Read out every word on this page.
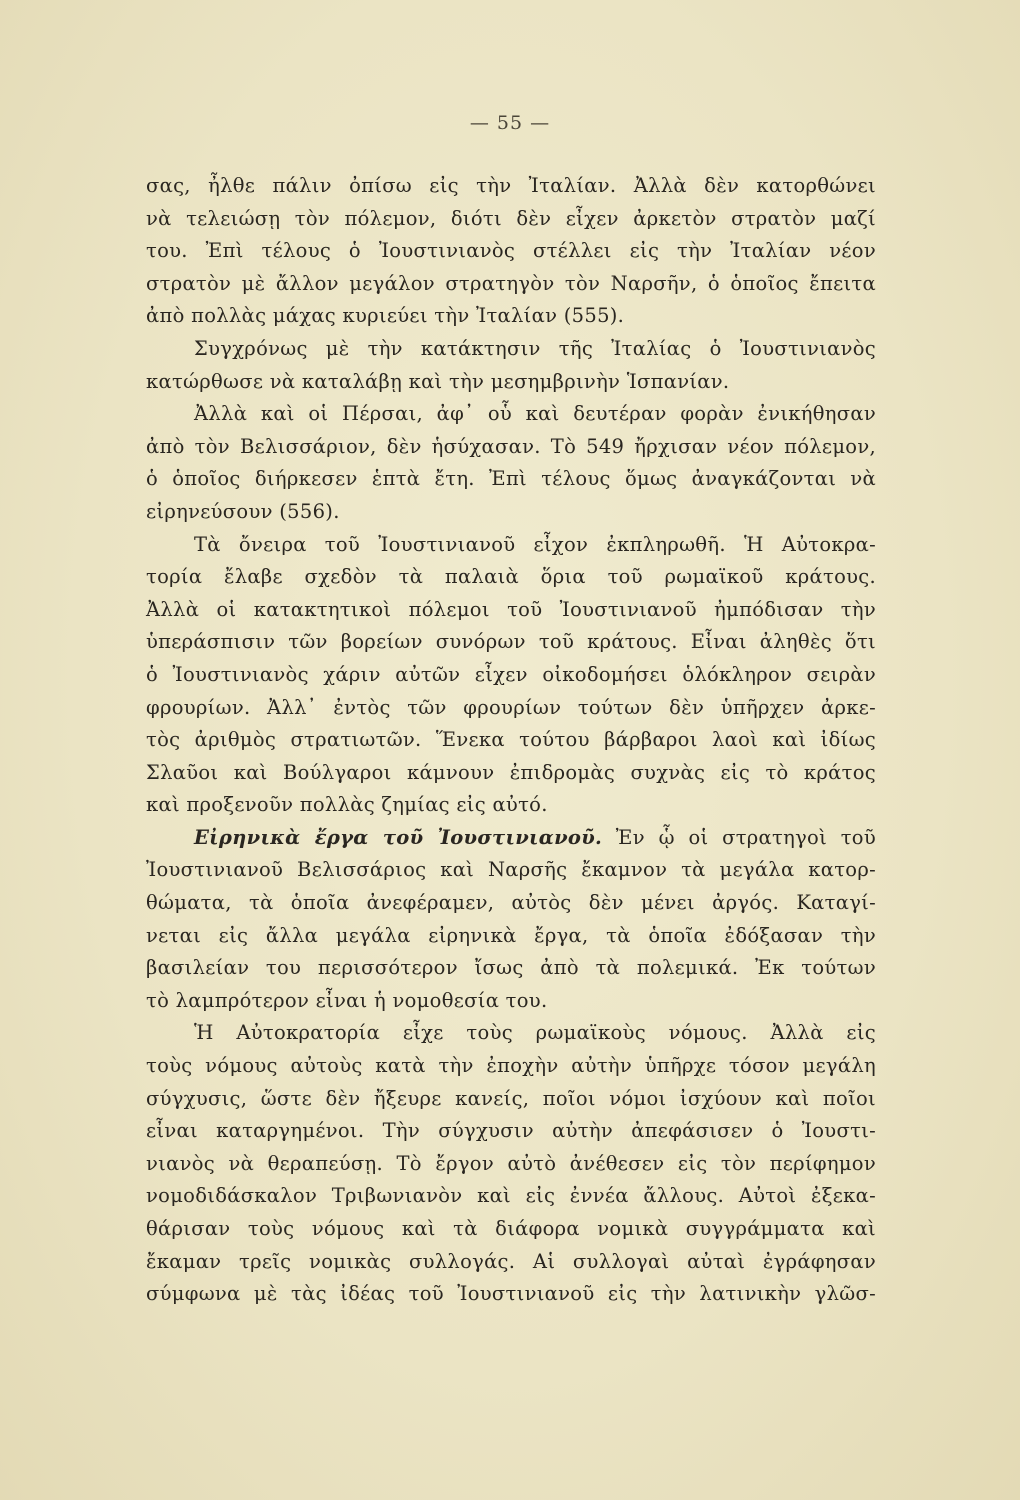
— 55 —
σας, ἦλθε πάλιν ὀπίσω εἰς τὴν Ἰταλίαν. Ἀλλὰ δὲν κατορθώνει
νὰ τελειώσῃ τὸν πόλεμον, διότι δὲν εἶχεν ἀρκετὸν στρατὸν μαζί
του. Ἐπὶ τέλους ὁ Ἰουστινιανὸς στέλλει εἰς τὴν Ἰταλίαν νέον
στρατὸν μὲ ἄλλον μεγάλον στρατηγὸν τὸν Ναρσῆν, ὁ ὁποῖος ἔπειτα
ἀπὸ πολλὰς μάχας κυριεύει τὴν Ἰταλίαν (555).
Συγχρόνως μὲ τὴν κατάκτησιν τῆς Ἰταλίας ὁ Ἰουστινιανὸς
κατώρθωσε νὰ καταλάβῃ καὶ τὴν μεσημβρινὴν Ἱσπανίαν.
Ἀλλὰ καὶ οἱ Πέρσαι, ἀφ᾽ οὗ καὶ δευτέραν φορὰν ἐνικήθησαν
ἀπὸ τὸν Βελισσάριον, δὲν ἡσύχασαν. Τὸ 549 ἤρχισαν νέον πόλεμον,
ὁ ὁποῖος διήρκεσεν ἑπτὰ ἔτη. Ἐπὶ τέλους ὅμως ἀναγκάζονται νὰ
εἰρηνεύσουν (556).
Τὰ ὄνειρα τοῦ Ἰουστινιανοῦ εἶχον ἐκπληρωθῆ. Ἡ Αὐτοκρα-
τορία ἔλαβε σχεδὸν τὰ παλαιὰ ὅρια τοῦ ρωμαϊκοῦ κράτους.
Ἀλλὰ οἱ κατακτητικοὶ πόλεμοι τοῦ Ἰουστινιανοῦ ἠμπόδισαν τὴν
ὑπεράσπισιν τῶν βορείων συνόρων τοῦ κράτους. Εἶναι ἀληθὲς ὅτι
ὁ Ἰουστινιανὸς χάριν αὐτῶν εἶχεν οἰκοδομήσει ὁλόκληρον σειρὰν
φρουρίων. Ἀλλ᾽ ἐντὸς τῶν φρουρίων τούτων δὲν ὑπῆρχεν ἀρκε-
τὸς ἀριθμὸς στρατιωτῶν. Ἕνεκα τούτου βάρβαροι λαοὶ καὶ ἰδίως
Σλαῦοι καὶ Βούλγαροι κάμνουν ἐπιδρομὰς συχνὰς εἰς τὸ κράτος
καὶ προξενοῦν πολλὰς ζημίας εἰς αὐτό.
Εἰρηνικὰ ἔργα τοῦ Ἰουστινιανοῦ. Ἐν ᾧ οἱ στρατηγοὶ τοῦ
Ἰουστινιανοῦ Βελισσάριος καὶ Ναρσῆς ἔκαμνον τὰ μεγάλα κατορ-
θώματα, τὰ ὁποῖα ἀνεφέραμεν, αὐτὸς δὲν μένει ἀργός. Καταγί-
νεται εἰς ἄλλα μεγάλα εἰρηνικὰ ἔργα, τὰ ὁποῖα ἐδόξασαν τὴν
βασιλείαν του περισσότερον ἴσως ἀπὸ τὰ πολεμικά. Ἐκ τούτων
τὸ λαμπρότερον εἶναι ἡ νομοθεσία του.
Ἡ Αὐτοκρατορία εἶχε τοὺς ρωμαϊκοὺς νόμους. Ἀλλὰ εἰς
τοὺς νόμους αὐτοὺς κατὰ τὴν ἐποχὴν αὐτὴν ὑπῆρχε τόσον μεγάλη
σύγχυσις, ὥστε δὲν ἤξευρε κανείς, ποῖοι νόμοι ἰσχύουν καὶ ποῖοι
εἶναι καταργημένοι. Τὴν σύγχυσιν αὐτὴν ἀπεφάσισεν ὁ Ἰουστι-
νιανὸς νὰ θεραπεύσῃ. Τὸ ἔργον αὐτὸ ἀνέθεσεν εἰς τὸν περίφημον
νομοδιδάσκαλον Τριβωνιανὸν καὶ εἰς ἐννέα ἄλλους. Αὐτοὶ ἐξεκα-
θάρισαν τοὺς νόμους καὶ τὰ διάφορα νομικὰ συγγράμματα καὶ
ἔκαμαν τρεῖς νομικὰς συλλογάς. Αἱ συλλογαὶ αὐταὶ ἐγράφησαν
σύμφωνα μὲ τὰς ἰδέας τοῦ Ἰουστινιανοῦ εἰς τὴν λατινικὴν γλῶσ-
